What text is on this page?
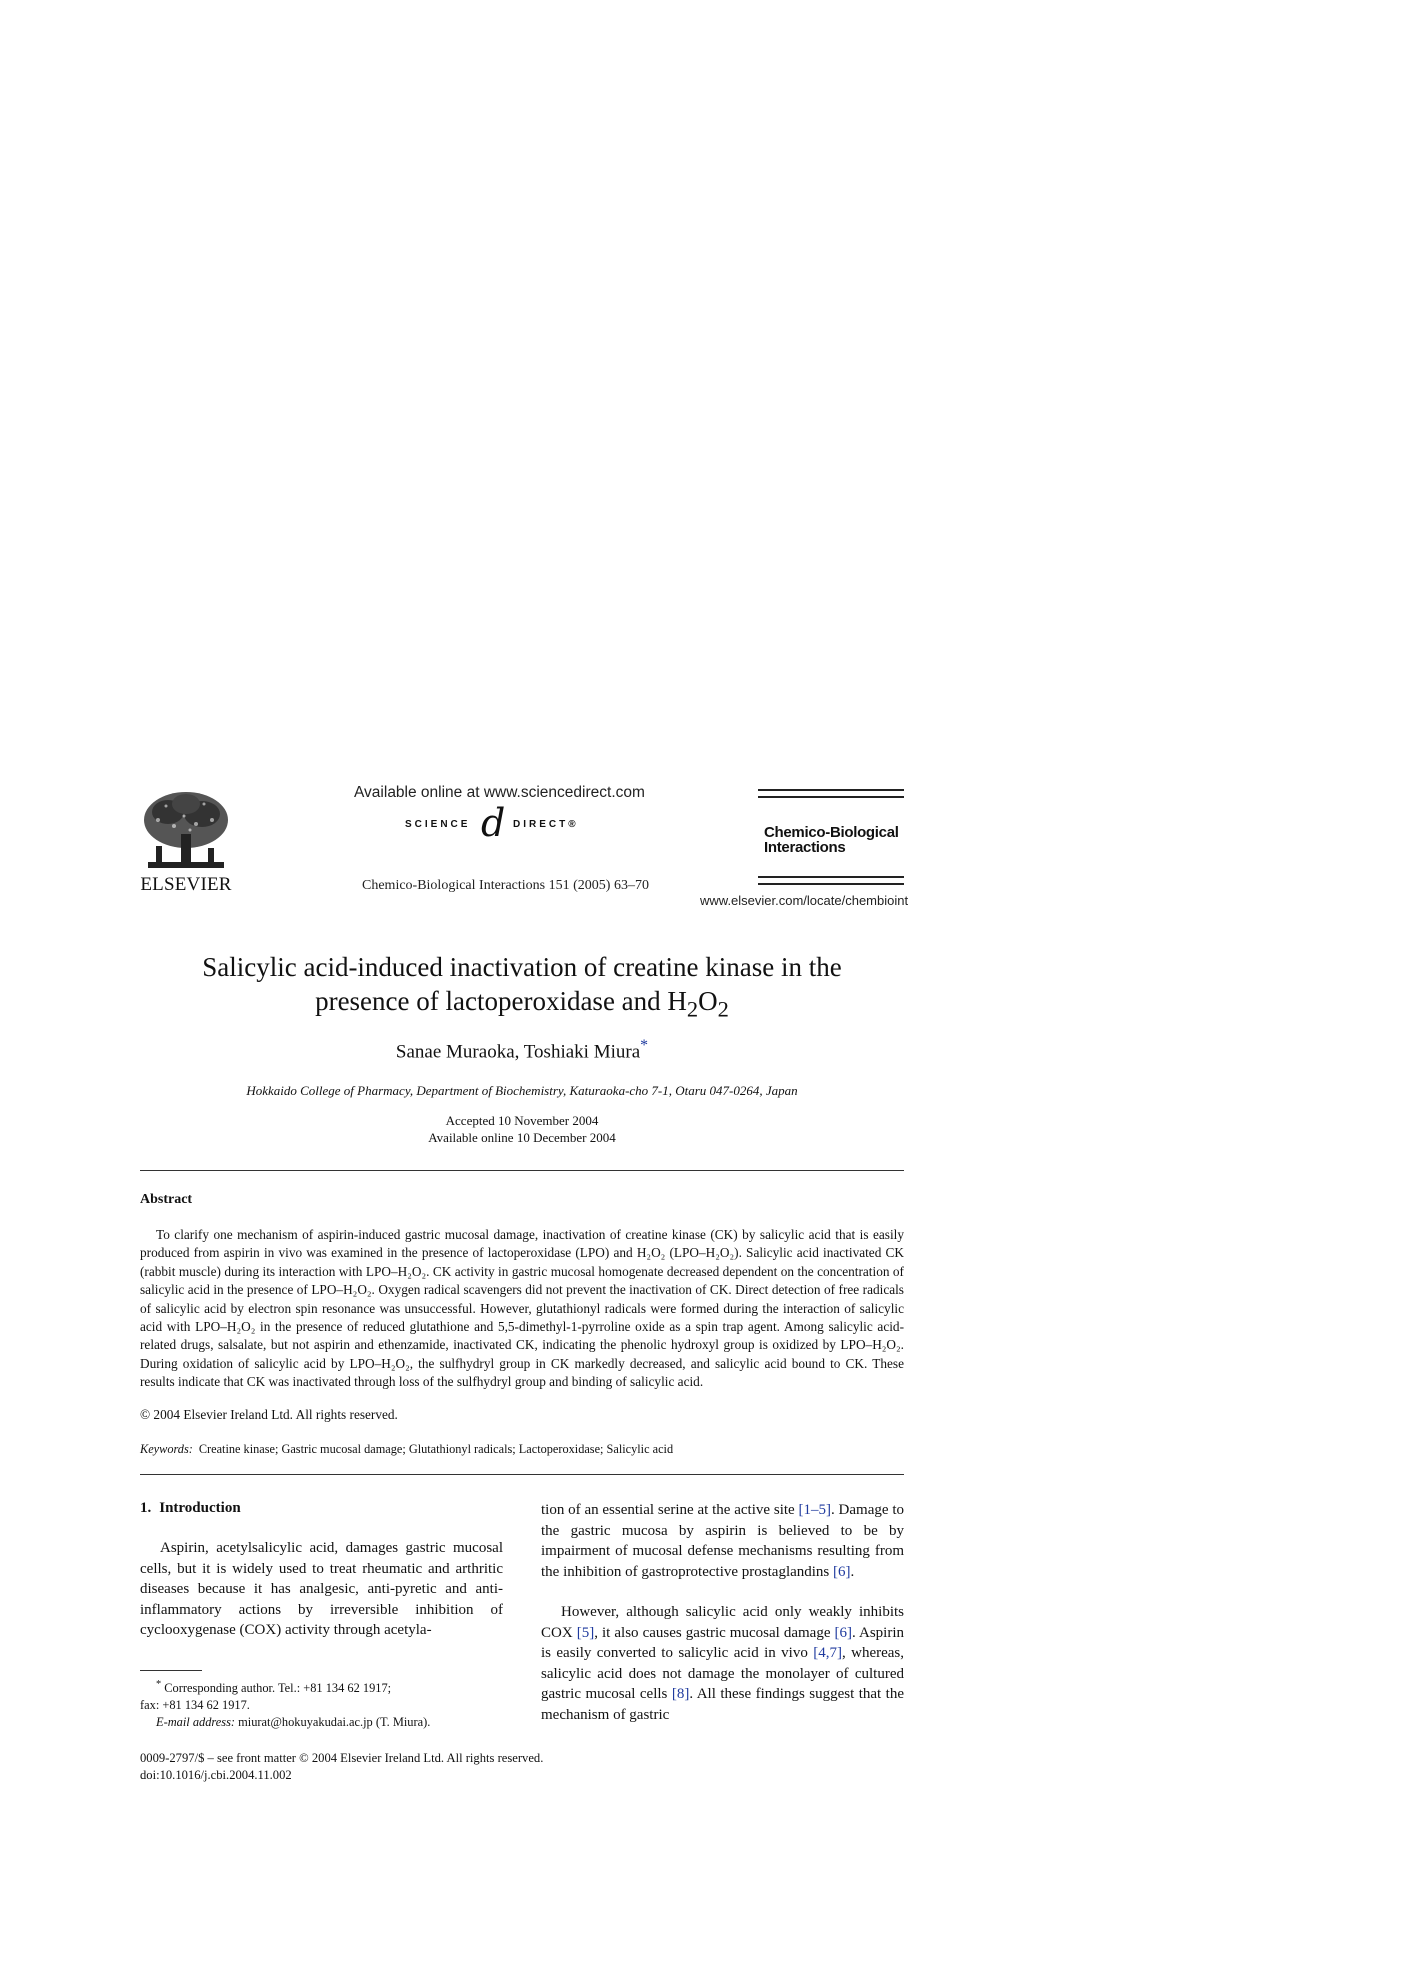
ELSEVIER
Available online at www.sciencedirect.com
SCIENCE d DIRECT®
Chemico-Biological Interactions 151 (2005) 63–70
Chemico-Biological
Interactions
www.elsevier.com/locate/chembioint
Salicylic acid-induced inactivation of creatine kinase in the
presence of lactoperoxidase and $H_2O_2$
Sanae Muraoka, Toshiaki Miura*
Hokkaido College of Pharmacy, Department of Biochemistry, Katuraoka-cho 7-1, Otaru 047-0264, Japan
Accepted 10 November 2004
Available online 10 December 2004
Abstract
To clarify one mechanism of aspirin-induced gastric mucosal damage, inactivation of creatine kinase (CK) by salicylic acid that is easily produced from aspirin in vivo was examined in the presence of lactoperoxidase (LPO) and H₂O₂ (LPO–H₂O₂). Salicylic acid inactivated CK (rabbit muscle) during its interaction with LPO–H₂O₂. CK activity in gastric mucosal homogenate decreased dependent on the concentration of salicylic acid in the presence of LPO–H₂O₂. Oxygen radical scavengers did not prevent the inactivation of CK. Direct detection of free radicals of salicylic acid by electron spin resonance was unsuccessful. However, glutathionyl radicals were formed during the interaction of salicylic acid with LPO–H₂O₂ in the presence of reduced glutathione and 5,5-dimethyl-1-pyrroline oxide as a spin trap agent. Among salicylic acid-related drugs, salsalate, but not aspirin and ethenzamide, inactivated CK, indicating the phenolic hydroxyl group is oxidized by LPO–H₂O₂. During oxidation of salicylic acid by LPO–H₂O₂, the sulfhydryl group in CK markedly decreased, and salicylic acid bound to CK. These results indicate that CK was inactivated through loss of the sulfhydryl group and binding of salicylic acid.
© 2004 Elsevier Ireland Ltd. All rights reserved.
Keywords: Creatine kinase; Gastric mucosal damage; Glutathionyl radicals; Lactoperoxidase; Salicylic acid
1. Introduction
Aspirin, acetylsalicylic acid, damages gastric mucosal cells, but it is widely used to treat rheumatic and arthritic diseases because it has analgesic, anti-pyretic and anti-inflammatory actions by irreversible inhibition of cyclooxygenase (COX) activity through acetyla-
tion of an essential serine at the active site [1–5]. Damage to the gastric mucosa by aspirin is believed to be by impairment of mucosal defense mechanisms resulting from the inhibition of gastroprotective prostaglandins [6].
However, although salicylic acid only weakly inhibits COX [5], it also causes gastric mucosal damage [6]. Aspirin is easily converted to salicylic acid in vivo [4,7], whereas, salicylic acid does not damage the monolayer of cultured gastric mucosal cells [8]. All these findings suggest that the mechanism of gastric
* Corresponding author. Tel.: +81 134 62 1917;
fax: +81 134 62 1917.
E-mail address: miurat@hokuyakudai.ac.jp (T. Miura).
0009-2797/$ – see front matter © 2004 Elsevier Ireland Ltd. All rights reserved.
doi:10.1016/j.cbi.2004.11.002
